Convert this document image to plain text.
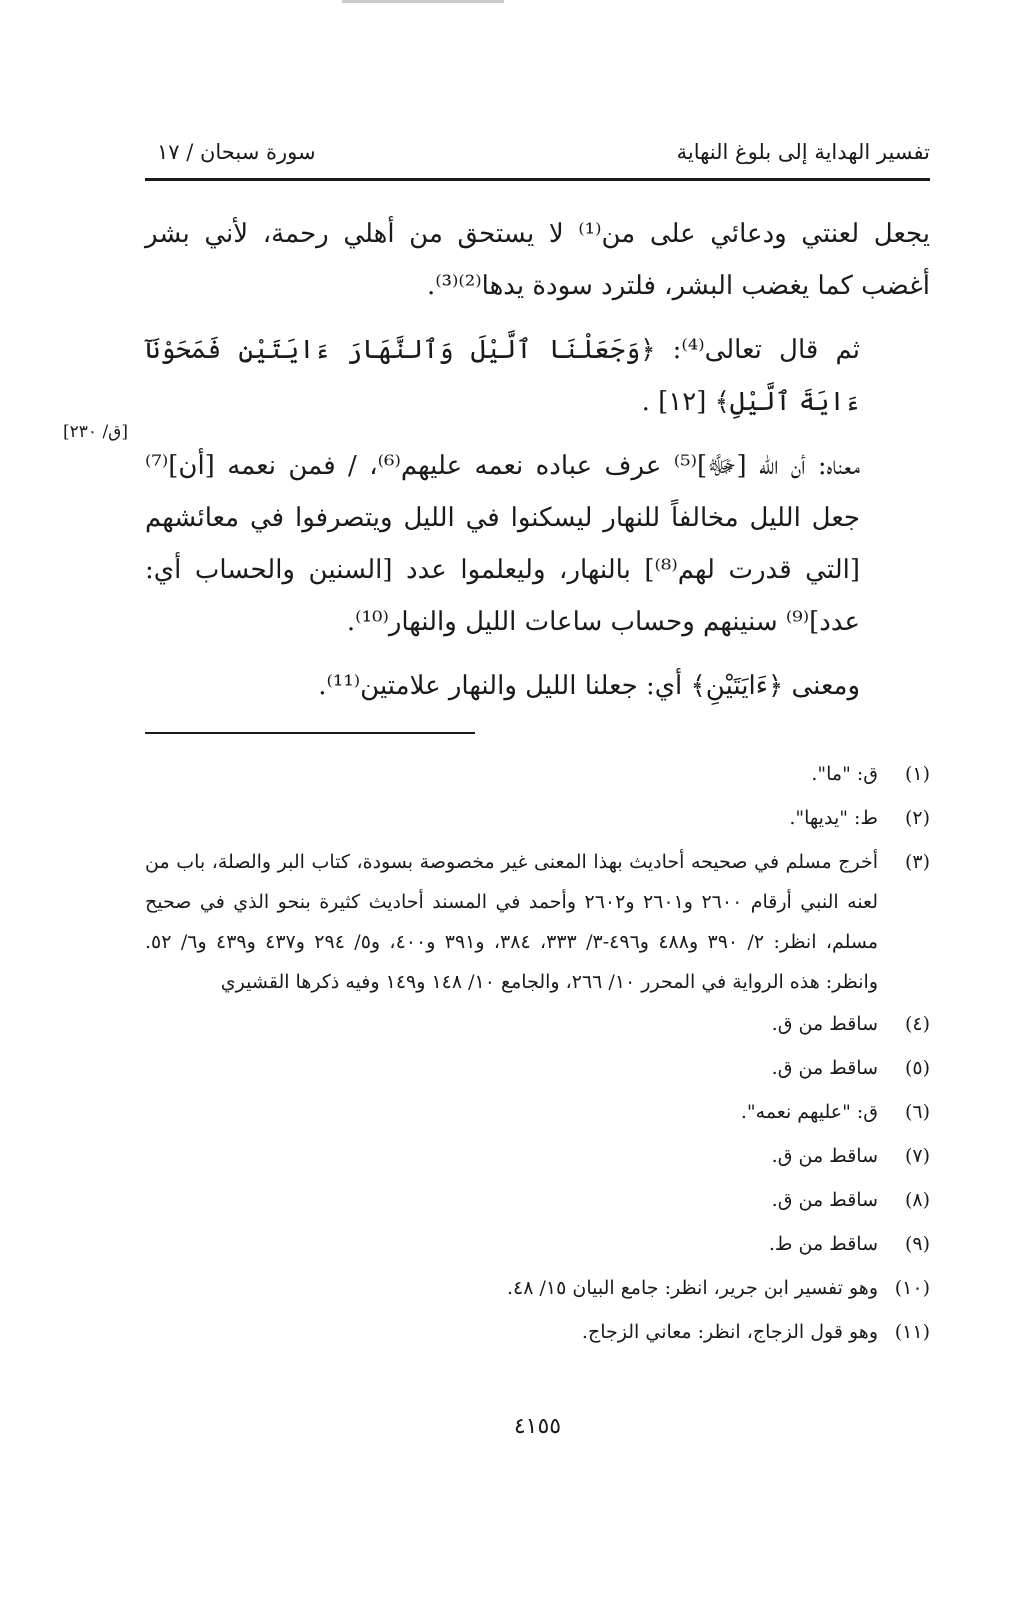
تفسير الهداية إلى بلوغ النهاية
سورة سبحان / ١٧
[ق/ ٢٣٠]

يجعل لعنتي ودعائي على من⁽¹⁾ لا يستحق من أهلي رحمة، لأني بشر أغضب كما يغضب البشر، فلترد سودة يدها⁽²⁾⁽³⁾.

ثم قال تعالى⁽⁴⁾: ﴿وَجَعَلْنَا ٱلَّيْلَ وَٱلنَّهَارَ ءَايَتَيْنِ فَمَحَوْنَآ ءَايَةَ ٱلَّيْلِ﴾ [١٢] .

معناه: أن الله [ﷻ]⁽⁵⁾ عرف عباده نعمه عليهم⁽⁶⁾، / فمن نعمه [أن]⁽⁷⁾ جعل الليل مخالفاً للنهار ليسكنوا في الليل ويتصرفوا في معائشهم [التي قدرت لهم⁽⁸⁾] بالنهار، وليعلموا عدد [السنين والحساب أي: عدد]⁽⁹⁾ سنينهم وحساب ساعات الليل والنهار⁽¹⁰⁾.

ومعنى ﴿ءَايَتَيْنِ﴾ أي: جعلنا الليل والنهار علامتين⁽¹¹⁾.

(١)
ق: "ما".
(٢)
ط: "يديها".
(٣)
أخرج مسلم في صحيحه أحاديث بهذا المعنى غير مخصوصة بسودة، كتاب البر والصلة، باب من لعنه النبي أرقام ٢٦٠٠ و٢٦٠١ و٢٦٠٢ وأحمد في المسند أحاديث كثيرة بنحو الذي في صحيح مسلم، انظر: ٢/ ٣٩٠ و٤٨٨ و٤٩٦-٣/ ٣٣٣، ٣٨٤، و٣٩١ و٤٠٠، و٥/ ٢٩٤ و٤٣٧ و٤٣٩ و٦/ ٥٢. وانظر: هذه الرواية في المحرر ١٠/ ٢٦٦، والجامع ١٠/ ١٤٨ و١٤٩ وفيه ذكرها القشيري
(٤)
ساقط من ق.
(٥)
ساقط من ق.
(٦)
ق: "عليهم نعمه".
(٧)
ساقط من ق.
(٨)
ساقط من ق.
(٩)
ساقط من ط.
(١٠)
وهو تفسير ابن جرير، انظر: جامع البيان ١٥/ ٤٨.
(١١)
وهو قول الزجاج، انظر: معاني الزجاج.
٤١٥٥
